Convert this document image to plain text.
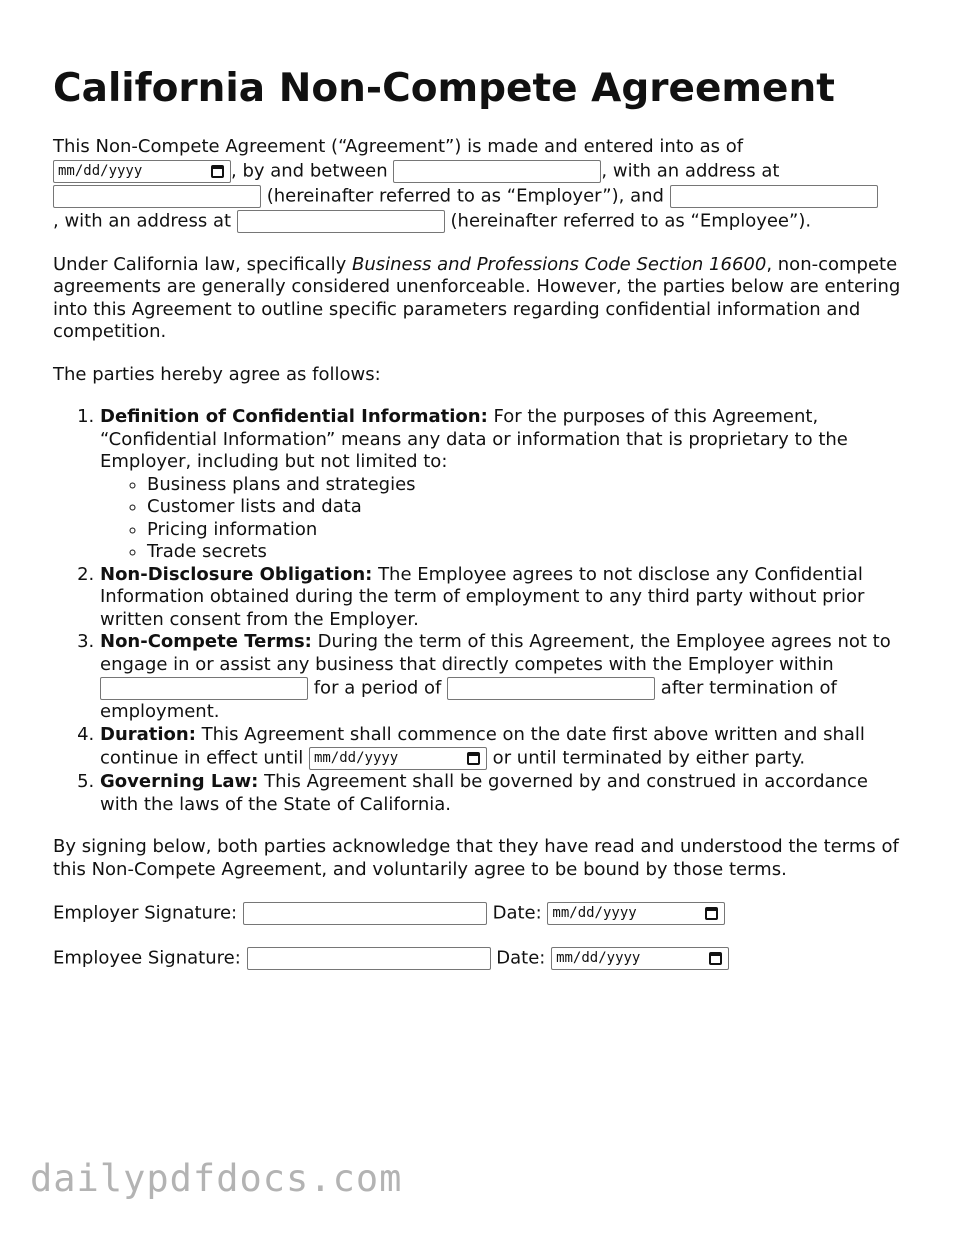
California Non-Compete Agreement

This Non-Compete Agreement (“Agreement”) is made and entered into as of

mm/dd/yyyy	, by and between	, with an address at
(hereinafter referred to as “Employer”), and
, with an address at	(hereinafter referred to as “Employee”).

Under California law, specifically Business and Professions Code Section 16600, non-compete agreements are generally considered unenforceable. However, the parties below are entering into this Agreement to outline specific parameters regarding confidential information and competition.

The parties hereby agree as follows:

1. Definition of Confidential Information: For the purposes of this Agreement, “Confidential Information” means any data or information that is proprietary to the Employer, including but not limited to:
◦ Business plans and strategies
◦ Customer lists and data
◦ Pricing information
◦ Trade secrets
2. Non-Disclosure Obligation: The Employee agrees to not disclose any Confidential Information obtained during the term of employment to any third party without prior written consent from the Employer.
3. Non-Compete Terms: During the term of this Agreement, the Employee agrees not to engage in or assist any business that directly competes with the Employer within
for a period of	after termination of employment.
4. Duration: This Agreement shall commence on the date first above written and shall continue in effect until mm/dd/yyyy	or until terminated by either party.
5. Governing Law: This Agreement shall be governed by and construed in accordance with the laws of the State of California.

By signing below, both parties acknowledge that they have read and understood the terms of this Non-Compete Agreement, and voluntarily agree to be bound by those terms.

Employer Signature:	Date: mm/dd/yyyy
Employee Signature:	Date: mm/dd/yyyy
dailypdfdocs.com
